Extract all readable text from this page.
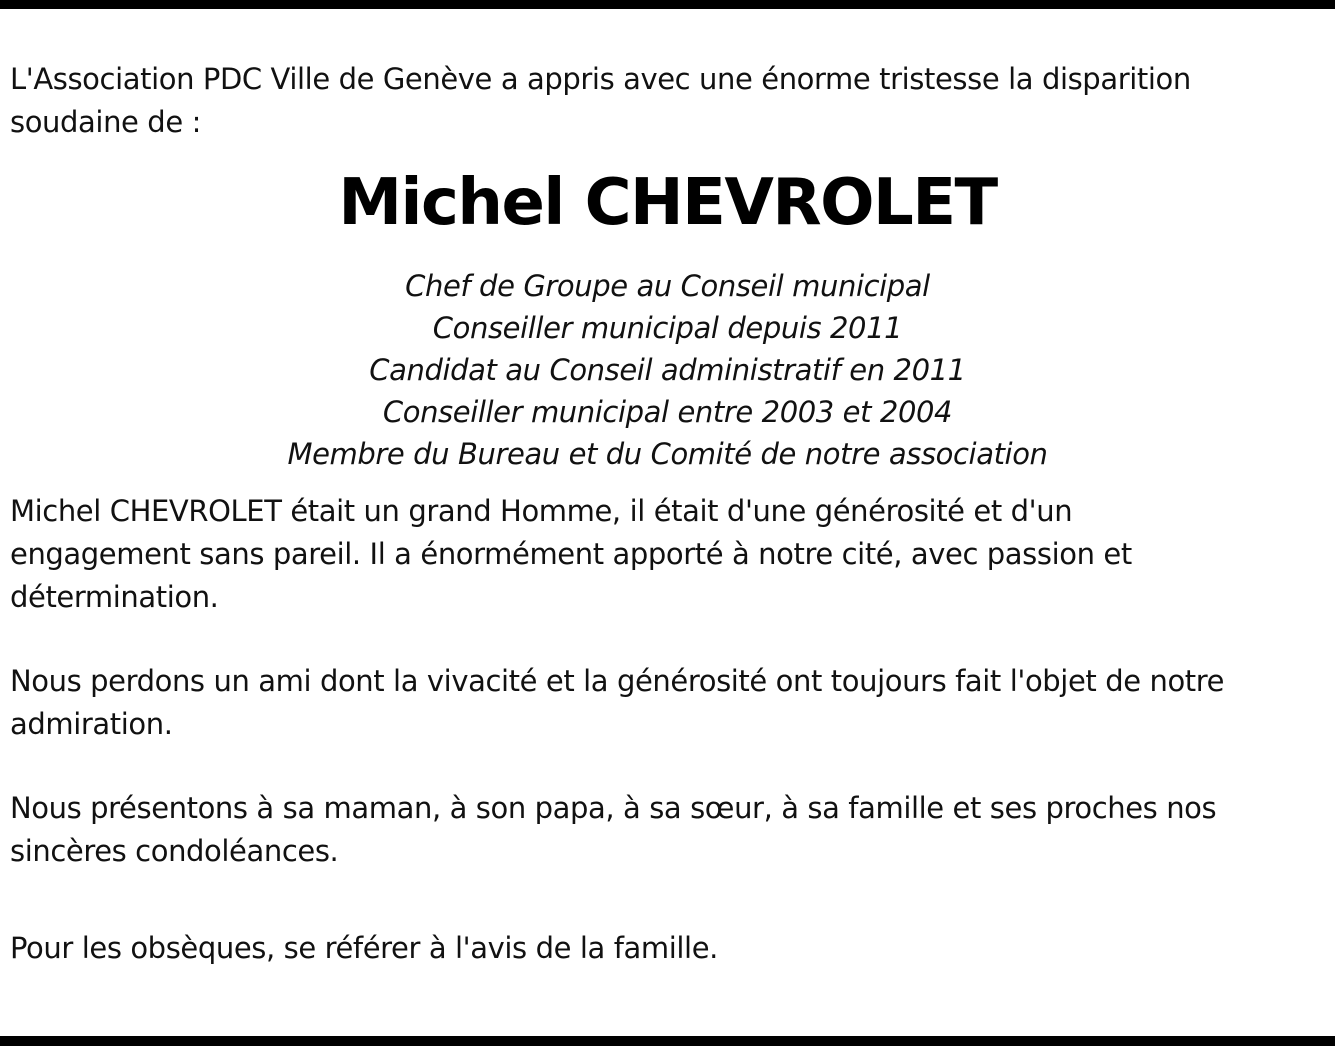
L'Association PDC Ville de Genève a appris avec une énorme tristesse la disparition
soudaine de :
Michel CHEVROLET
Chef de Groupe au Conseil municipal
Conseiller municipal depuis 2011
Candidat au Conseil administratif en 2011
Conseiller municipal entre 2003 et 2004
Membre du Bureau et du Comité de notre association
Michel CHEVROLET était un grand Homme, il était d'une générosité et d'un
engagement sans pareil. Il a énormément apporté à notre cité, avec passion et
détermination.
Nous perdons un ami dont la vivacité et la générosité ont toujours fait l'objet de notre
admiration.
Nous présentons à sa maman, à son papa, à sa sœur, à sa famille et ses proches nos
sincères condoléances.
Pour les obsèques, se référer à l'avis de la famille.
